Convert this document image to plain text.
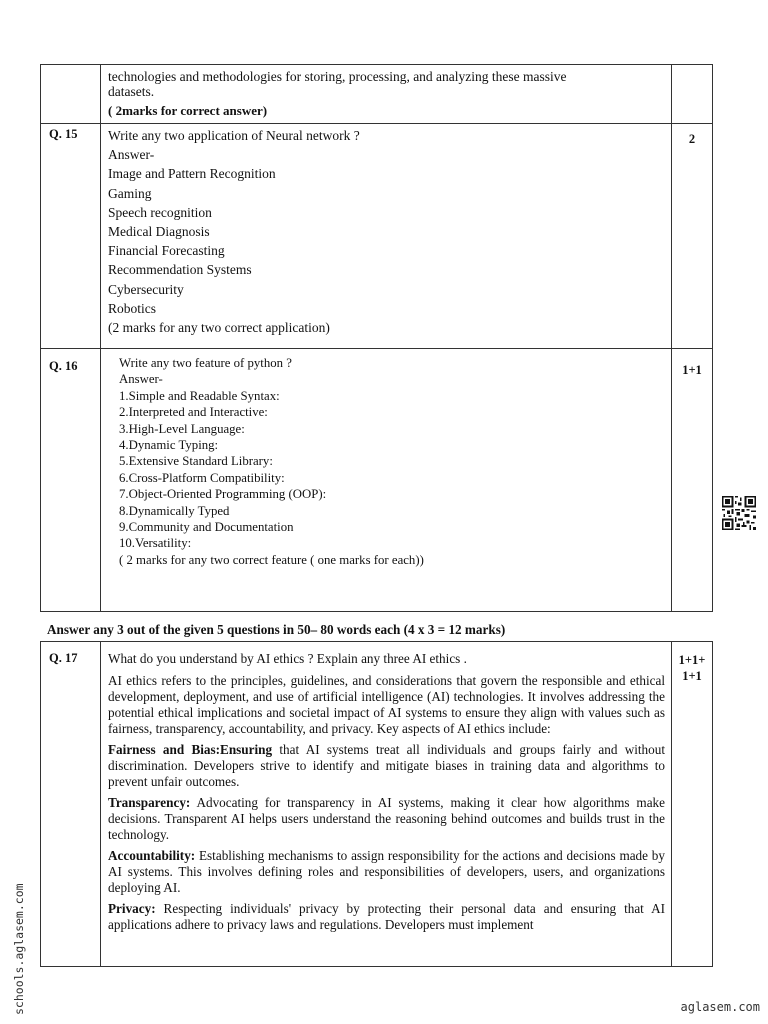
technologies and methodologies for storing, processing, and analyzing these massive
datasets.
( 2marks for correct answer)
Q. 15	Write any two application of Neural network ?
Answer-
Image and Pattern Recognition
Gaming
Speech recognition
Medical Diagnosis
Financial Forecasting
Recommendation Systems
Cybersecurity
Robotics
(2 marks for any two correct application)
2
Q. 16	Write any two feature of python ?
Answer-
1.Simple and Readable Syntax:
2.Interpreted and Interactive:
3.High-Level Language:
4.Dynamic Typing:
5.Extensive Standard Library:
6.Cross-Platform Compatibility:
7.Object-Oriented Programming (OOP):
8.Dynamically Typed
9.Community and Documentation
10.Versatility:
( 2 marks for any two correct feature ( one marks for each))
1+1
Answer any 3 out of the given 5 questions in 50– 80 words each (4 x 3 = 12 marks)
Q. 17	What do you understand by AI ethics ? Explain any three AI ethics .

AI ethics refers to the principles, guidelines, and considerations that govern the responsible and ethical development, deployment, and use of artificial intelligence (AI) technologies. It involves addressing the potential ethical implications and societal impact of AI systems to ensure they align with values such as fairness, transparency, accountability, and privacy. Key aspects of AI ethics include:

Fairness and Bias:Ensuring that AI systems treat all individuals and groups fairly and without discrimination. Developers strive to identify and mitigate biases in training data and algorithms to prevent unfair outcomes.

Transparency: Advocating for transparency in AI systems, making it clear how algorithms make decisions. Transparent AI helps users understand the reasoning behind outcomes and builds trust in the technology.

Accountability: Establishing mechanisms to assign responsibility for the actions and decisions made by AI systems. This involves defining roles and responsibilities of developers, users, and organizations deploying AI.

Privacy: Respecting individuals' privacy by protecting their personal data and ensuring that AI applications adhere to privacy laws and regulations. Developers must implement

1+1+
1+1
schools.aglasem.com	aglasem.com
